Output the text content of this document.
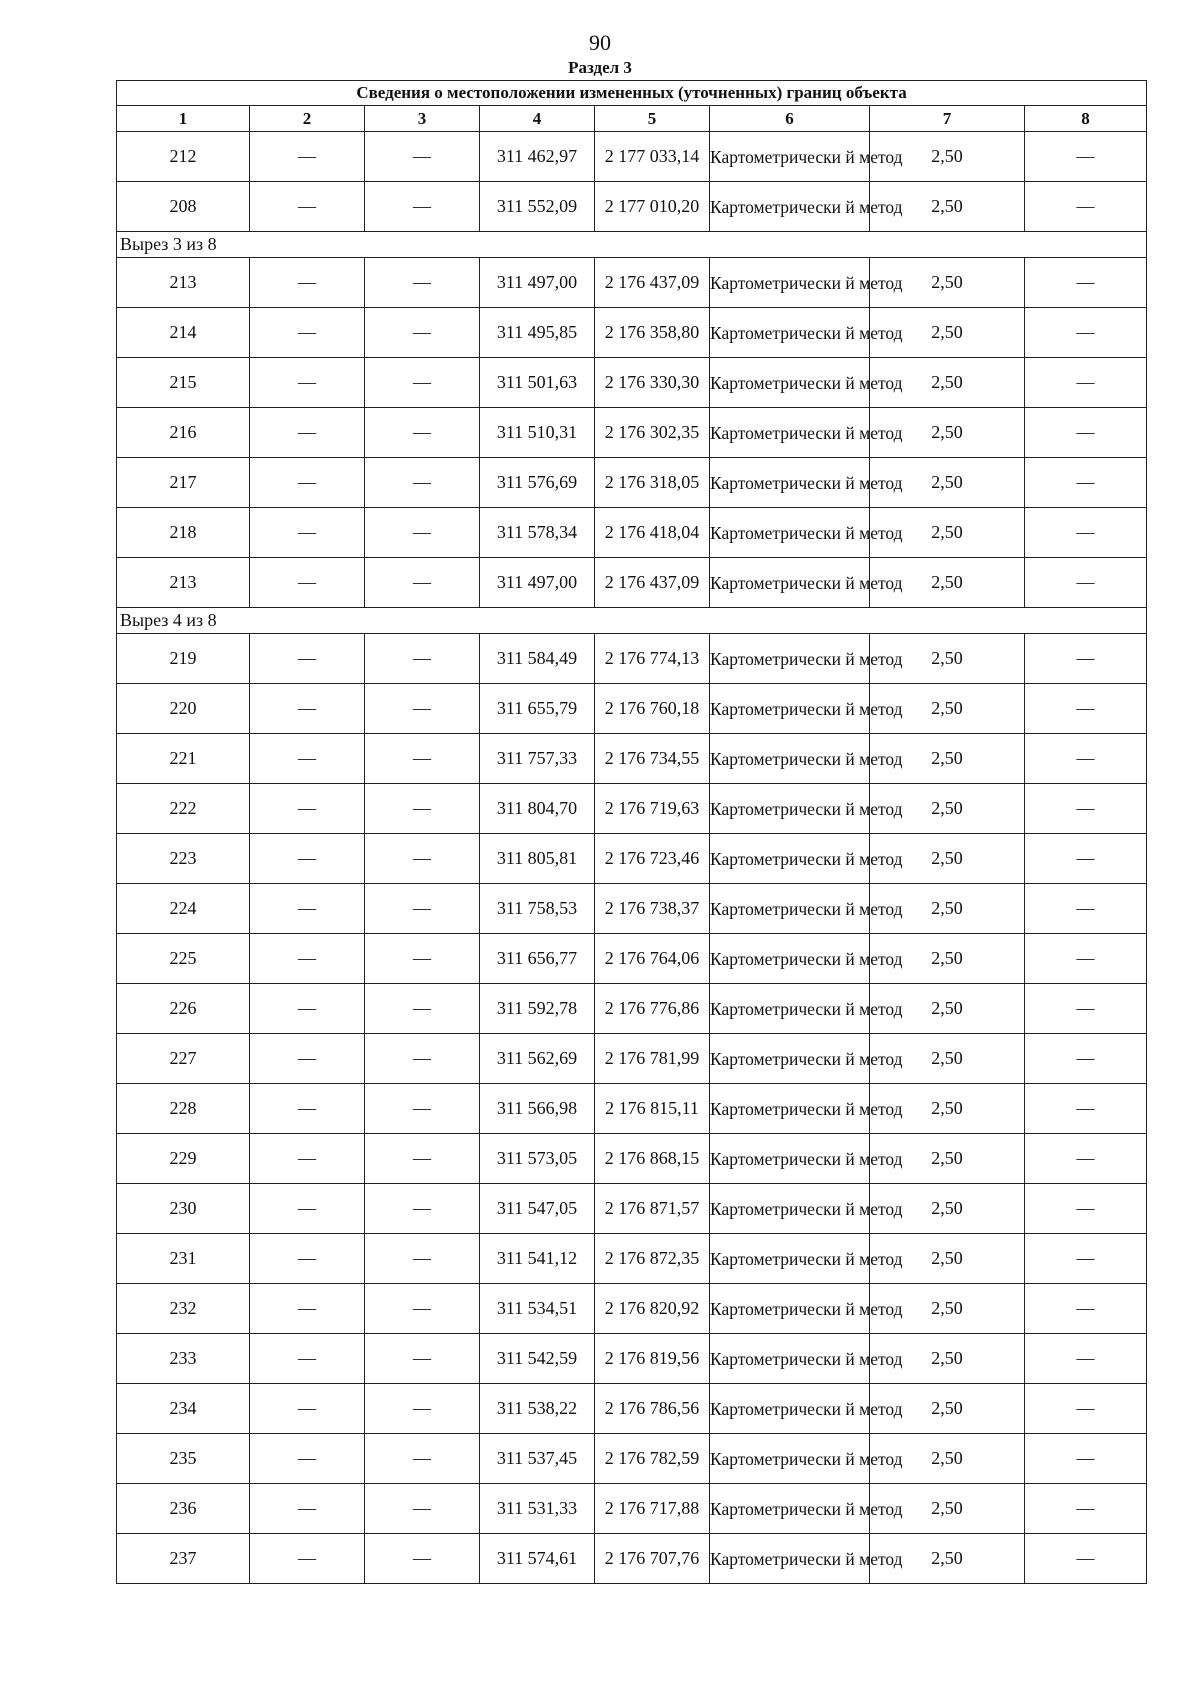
90
Раздел 3
Сведения о местоположении измененных (уточненных) границ объекта							
1	2	3	4	5	6	7	8
212	—	—	311 462,97	2 177 033,14	Картометрически й метод	2,50	—
208	—	—	311 552,09	2 177 010,20	Картометрически й метод	2,50	—
Вырез 3 из 8							
213	—	—	311 497,00	2 176 437,09	Картометрически й метод	2,50	—
214	—	—	311 495,85	2 176 358,80	Картометрически й метод	2,50	—
215	—	—	311 501,63	2 176 330,30	Картометрически й метод	2,50	—
216	—	—	311 510,31	2 176 302,35	Картометрически й метод	2,50	—
217	—	—	311 576,69	2 176 318,05	Картометрически й метод	2,50	—
218	—	—	311 578,34	2 176 418,04	Картометрически й метод	2,50	—
213	—	—	311 497,00	2 176 437,09	Картометрически й метод	2,50	—
Вырез 4 из 8							
219	—	—	311 584,49	2 176 774,13	Картометрически й метод	2,50	—
220	—	—	311 655,79	2 176 760,18	Картометрически й метод	2,50	—
221	—	—	311 757,33	2 176 734,55	Картометрически й метод	2,50	—
222	—	—	311 804,70	2 176 719,63	Картометрически й метод	2,50	—
223	—	—	311 805,81	2 176 723,46	Картометрически й метод	2,50	—
224	—	—	311 758,53	2 176 738,37	Картометрически й метод	2,50	—
225	—	—	311 656,77	2 176 764,06	Картометрически й метод	2,50	—
226	—	—	311 592,78	2 176 776,86	Картометрически й метод	2,50	—
227	—	—	311 562,69	2 176 781,99	Картометрически й метод	2,50	—
228	—	—	311 566,98	2 176 815,11	Картометрически й метод	2,50	—
229	—	—	311 573,05	2 176 868,15	Картометрически й метод	2,50	—
230	—	—	311 547,05	2 176 871,57	Картометрически й метод	2,50	—
231	—	—	311 541,12	2 176 872,35	Картометрически й метод	2,50	—
232	—	—	311 534,51	2 176 820,92	Картометрически й метод	2,50	—
233	—	—	311 542,59	2 176 819,56	Картометрически й метод	2,50	—
234	—	—	311 538,22	2 176 786,56	Картометрически й метод	2,50	—
235	—	—	311 537,45	2 176 782,59	Картометрически й метод	2,50	—
236	—	—	311 531,33	2 176 717,88	Картометрически й метод	2,50	—
237	—	—	311 574,61	2 176 707,76	Картометрически й метод	2,50	—
